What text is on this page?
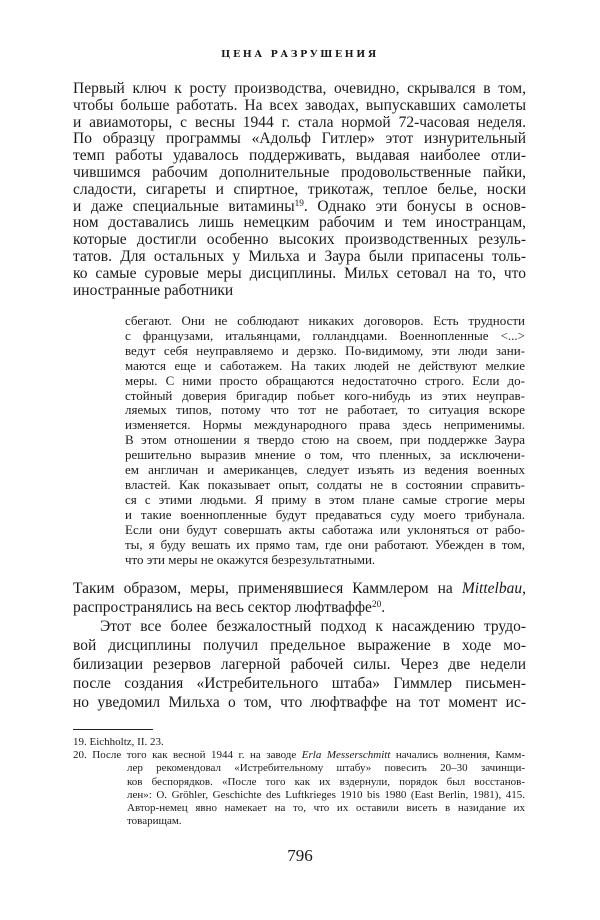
ЦЕНА РАЗРУШЕНИЯ
Первый ключ к росту производства, очевидно, скрывался в том,
чтобы больше работать. На всех заводах, выпускавших самолеты
и авиамоторы, с весны 1944 г. стала нормой 72-часовая неделя.
По образцу программы «Адольф Гитлер» этот изнурительный
темп работы удавалось поддерживать, выдавая наиболее отли-
чившимся рабочим дополнительные продовольственные пайки,
сладости, сигареты и спиртное, трикотаж, теплое белье, носки
и даже специальные витамины$^{19}$. Однако эти бонусы в основ-
ном доставались лишь немецким рабочим и тем иностранцам,
которые достигли особенно высоких производственных резуль-
татов. Для остальных у Мильха и Заура были припасены толь-
ко самые суровые меры дисциплины. Мильх сетовал на то, что
иностранные работники
сбегают. Они не соблюдают никаких договоров. Есть трудности
с французами, итальянцами, голландцами. Военнопленные <...>
ведут себя неуправляемо и дерзко. По-видимому, эти люди зани-
маются еще и саботажем. На таких людей не действуют мелкие
меры. С ними просто обращаются недостаточно строго. Если до-
стойный доверия бригадир побьет кого-нибудь из этих неуправ-
ляемых типов, потому что тот не работает, то ситуация вскоре
изменяется. Нормы международного права здесь неприменимы.
В этом отношении я твердо стою на своем, при поддержке Заура
решительно выразив мнение о том, что пленных, за исключени-
ем англичан и американцев, следует изъять из ведения военных
властей. Как показывает опыт, солдаты не в состоянии справить-
ся с этими людьми. Я приму в этом плане самые строгие меры
и такие военнопленные будут предаваться суду моего трибунала.
Если они будут совершать акты саботажа или уклоняться от рабо-
ты, я буду вешать их прямо там, где они работают. Убежден в том,
что эти меры не окажутся безрезультатными.
Таким образом, меры, применявшиеся Каммлером на Mittelbau,
распространялись на весь сектор люфтваффе$^{20}$.
Этот все более безжалостный подход к насаждению трудо-
вой дисциплины получил предельное выражение в ходе мо-
билизации резервов лагерной рабочей силы. Через две недели
после создания «Истребительного штаба» Гиммлер письмен-
но уведомил Мильха о том, что люфтваффе на тот момент ис-
19. Eichholtz, II. 23.
20. После того как весной 1944 г. на заводе Erla Messerschmitt начались волнения, Камм-
лер рекомендовал «Истребительному штабу» повесить 20–30 зачинщи-
ков беспорядков. «После того как их вздернули, порядок был восстанов-
лен»: O. Gröhler, Geschichte des Luftkrieges 1910 bis 1980 (East Berlin, 1981), 415.
Автор-немец явно намекает на то, что их оставили висеть в назидание их
товарищам.
796
